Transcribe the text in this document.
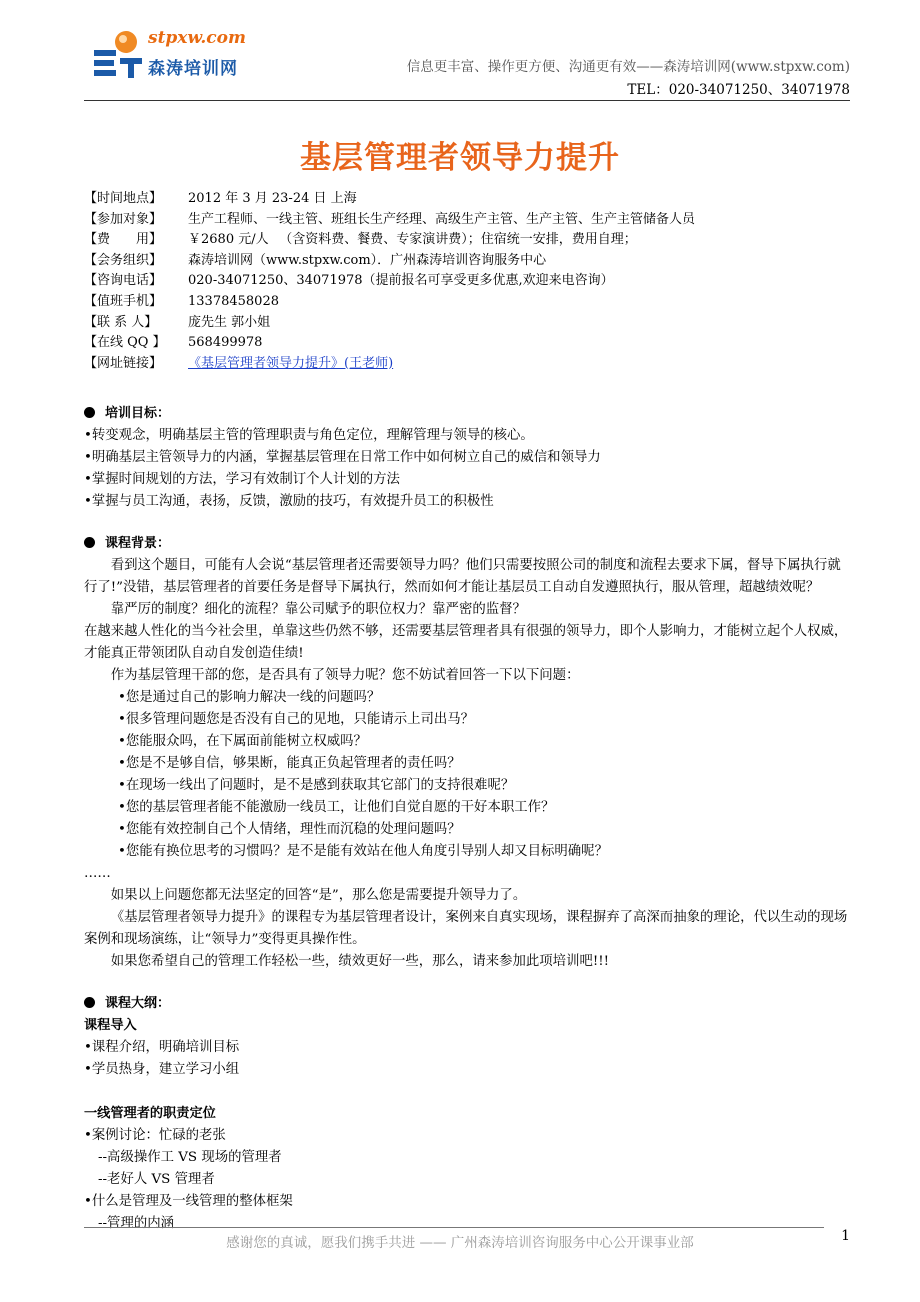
stpxw.com
森涛培训网	信息更丰富、操作更方便、沟通更有效——森涛培训网(www.stpxw.com)
TEL：020-34071250、34071978
基层管理者领导力提升
【时间地点】 2012 年 3 月 23-24 日 上海
【参加对象】 生产工程师、一线主管、班组长生产经理、高级生产主管、生产主管、生产主管储备人员
【费　　用】 ￥2680 元/人 　（含资料费、餐费、专家演讲费）；住宿统一安排，费用自理；
【会务组织】 森涛培训网（www.stpxw.com）．广州森涛培训咨询服务中心
【咨询电话】 020-34071250、34071978（提前报名可享受更多优惠,欢迎来电咨询）
【值班手机】 13378458028
【联 系 人】 庞先生 郭小姐
【在线 QQ 】 568499978
【网址链接】 《基层管理者领导力提升》(王老师)
培训目标：
•转变观念，明确基层主管的管理职责与角色定位，理解管理与领导的核心。
•明确基层主管领导力的内涵，掌握基层管理在日常工作中如何树立自己的威信和领导力
•掌握时间规划的方法，学习有效制订个人计划的方法
•掌握与员工沟通，表扬，反馈，激励的技巧，有效提升员工的积极性
课程背景：
看到这个题目，可能有人会说“基层管理者还需要领导力吗？他们只需要按照公司的制度和流程去要求下属，督导下属执行就行了!”没错，基层管理者的首要任务是督导下属执行，然而如何才能让基层员工自动自发遵照执行，服从管理，超越绩效呢？
靠严厉的制度？细化的流程？靠公司赋予的职位权力？靠严密的监督？
在越来越人性化的当今社会里，单靠这些仍然不够，还需要基层管理者具有很强的领导力，即个人影响力，才能树立起个人权威，才能真正带领团队自动自发创造佳绩!
作为基层管理干部的您，是否具有了领导力呢？您不妨试着回答一下以下问题：
•您是通过自己的影响力解决一线的问题吗？
•很多管理问题您是否没有自己的见地，只能请示上司出马？
•您能服众吗，在下属面前能树立权威吗？
•您是不是够自信，够果断，能真正负起管理者的责任吗？
•在现场一线出了问题时，是不是感到获取其它部门的支持很难呢？
•您的基层管理者能不能激励一线员工，让他们自觉自愿的干好本职工作？
•您能有效控制自己个人情绪，理性而沉稳的处理问题吗？
•您能有换位思考的习惯吗？是不是能有效站在他人角度引导别人却又目标明确呢？
……
如果以上问题您都无法坚定的回答“是”，那么您是需要提升领导力了。
《基层管理者领导力提升》的课程专为基层管理者设计，案例来自真实现场，课程摒弃了高深而抽象的理论，代以生动的现场案例和现场演练，让“领导力”变得更具操作性。
如果您希望自己的管理工作轻松一些，绩效更好一些，那么，请来参加此项培训吧!!!
课程大纲：
课程导入
•课程介绍，明确培训目标
•学员热身，建立学习小组
一线管理者的职责定位
•案例讨论：忙碌的老张
--高级操作工 VS 现场的管理者
--老好人 VS 管理者
•什么是管理及一线管理的整体框架
--管理的内涵
感谢您的真诚，愿我们携手共进 —— 广州森涛培训咨询服务中心公开课事业部	1
